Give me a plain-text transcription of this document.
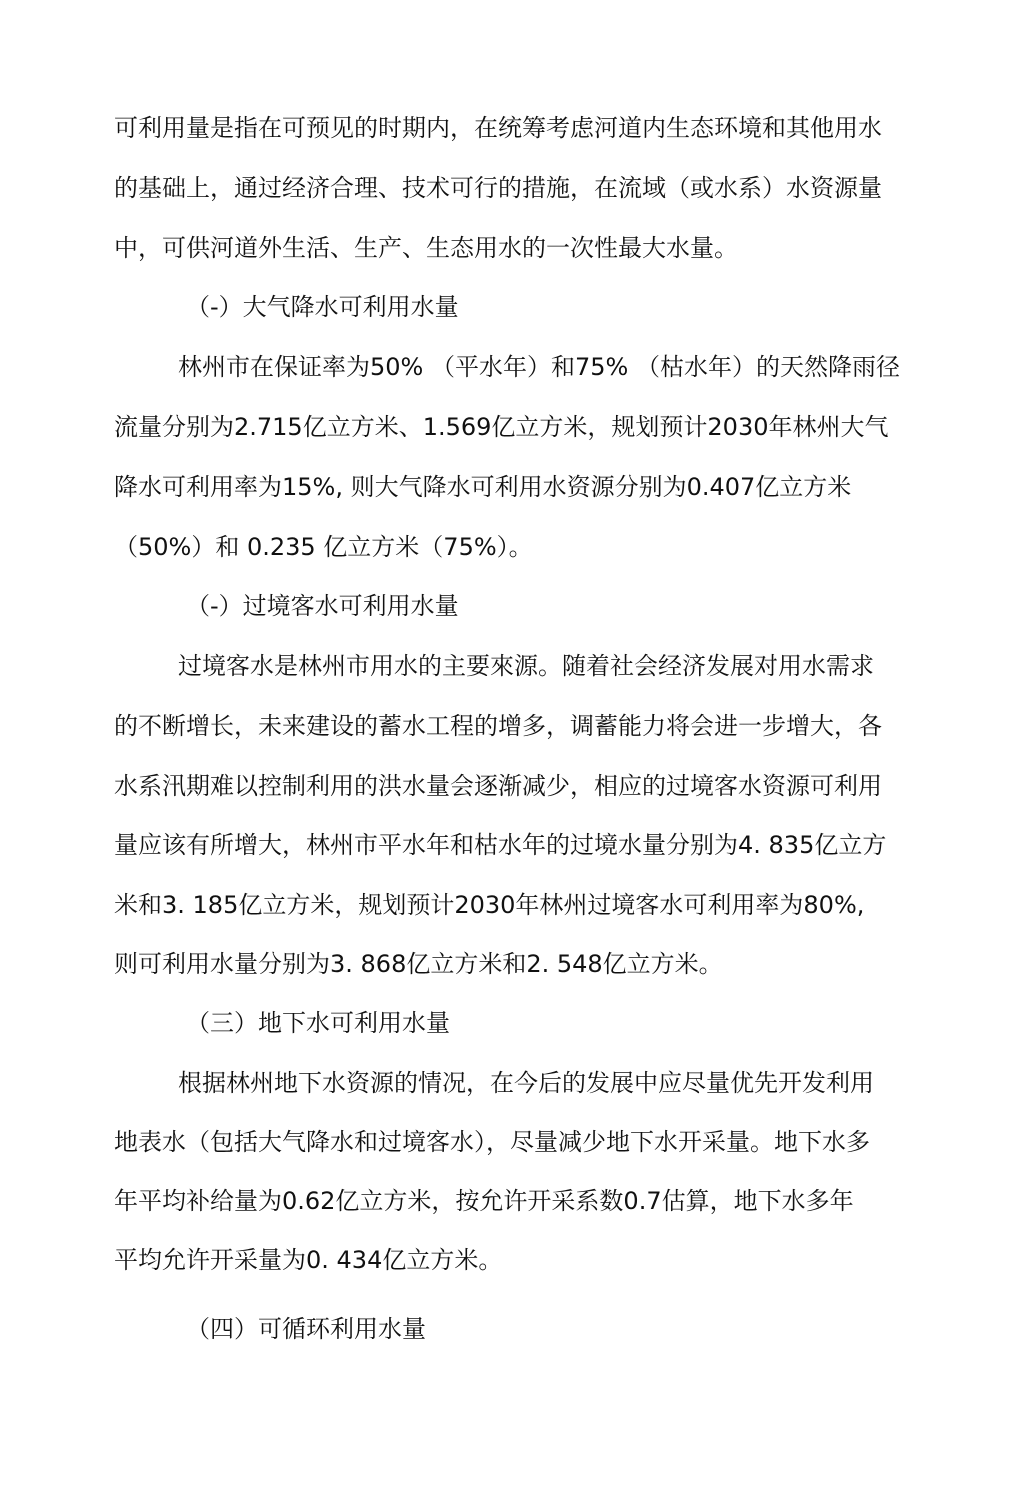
可利用量是指在可预见的时期内，在统筹考虑河道内生态环境和其他用水

的基础上，通过经济合理、技术可行的措施，在流域（或水系）水资源量

中，可供河道外生活、生产、生态用水的一次性最大水量。

（-）大气降水可利用水量

林州市在保证率为50% （平水年）和75% （枯水年）的天然降雨径

流量分别为2.715亿立方米、1.569亿立方米，规划预计2030年林州大气

降水可利用率为15%, 则大气降水可利用水资源分别为0.407亿立方米

（50%）和 0.235 亿立方米（75%）。

（-）过境客水可利用水量

过境客水是林州市用水的主要來源。随着社会经济发展对用水需求

的不断增长，未来建设的蓄水工程的增多，调蓄能力将会进一步增大，各

水系汛期难以控制利用的洪水量会逐渐减少，相应的过境客水资源可利用

量应该有所增大，林州市平水年和枯水年的过境水量分别为4. 835亿立方

米和3. 185亿立方米，规划预计2030年林州过境客水可利用率为80%,

则可利用水量分别为3. 868亿立方米和2. 548亿立方米。

（三）地下水可利用水量

根据林州地下水资源的情况，在今后的发展中应尽量优先开发利用

地表水（包括大气降水和过境客水），尽量减少地下水开采量。地下水多

年平均补给量为0.62亿立方米，按允许开采系数0.7估算，地下水多年

平均允许开采量为0. 434亿立方米。

（四）可循环利用水量
